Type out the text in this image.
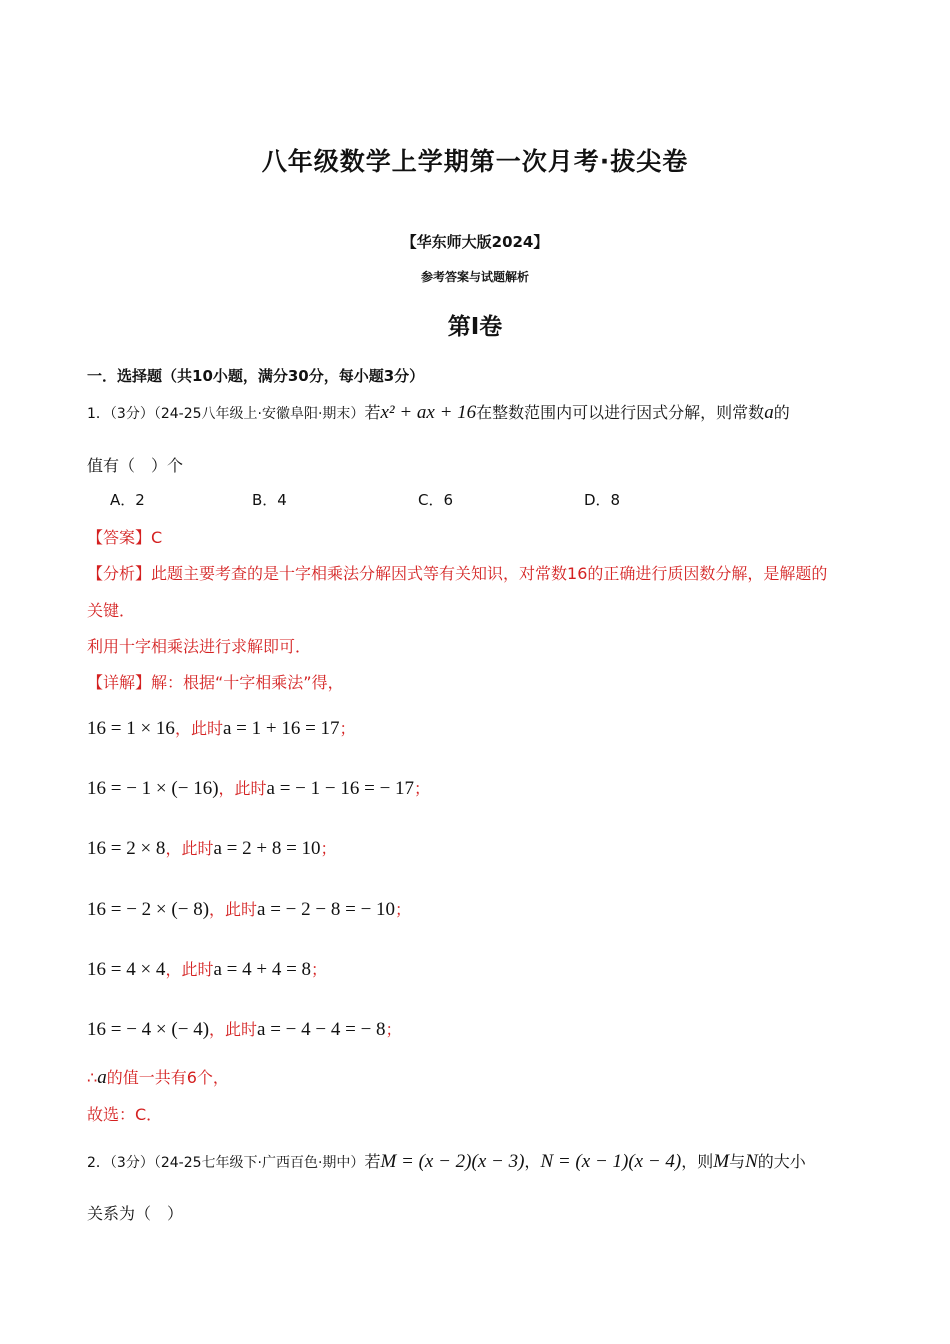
八年级数学上学期第一次月考·拔尖卷
【华东师大版2024】
参考答案与试题解析
第Ⅰ卷
一．选择题（共10小题，满分30分，每小题3分）
1．（3分）（24-25八年级上·安徽阜阳·期末）若x² + ax + 16在整数范围内可以进行因式分解，则常数a的
值有（　）个
A．2	B．4	C．6	D．8
【答案】C
【分析】此题主要考查的是十字相乘法分解因式等有关知识，对常数16的正确进行质因数分解，是解题的
关键．
利用十字相乘法进行求解即可．
【详解】解：根据“十字相乘法”得，
16 = 1 × 16，此时a = 1 + 16 = 17；
16 = − 1 × (− 16)，此时a = − 1 − 16 = − 17；
16 = 2 × 8，此时a = 2 + 8 = 10；
16 = − 2 × (− 8)，此时a = − 2 − 8 = − 10；
16 = 4 × 4，此时a = 4 + 4 = 8；
16 = − 4 × (− 4)，此时a = − 4 − 4 = − 8；
∴a的值一共有6个，
故选：C．
2．（3分）（24-25七年级下·广西百色·期中）若M = (x − 2)(x − 3)，N = (x − 1)(x − 4)，则M与N的大小
关系为（　）
